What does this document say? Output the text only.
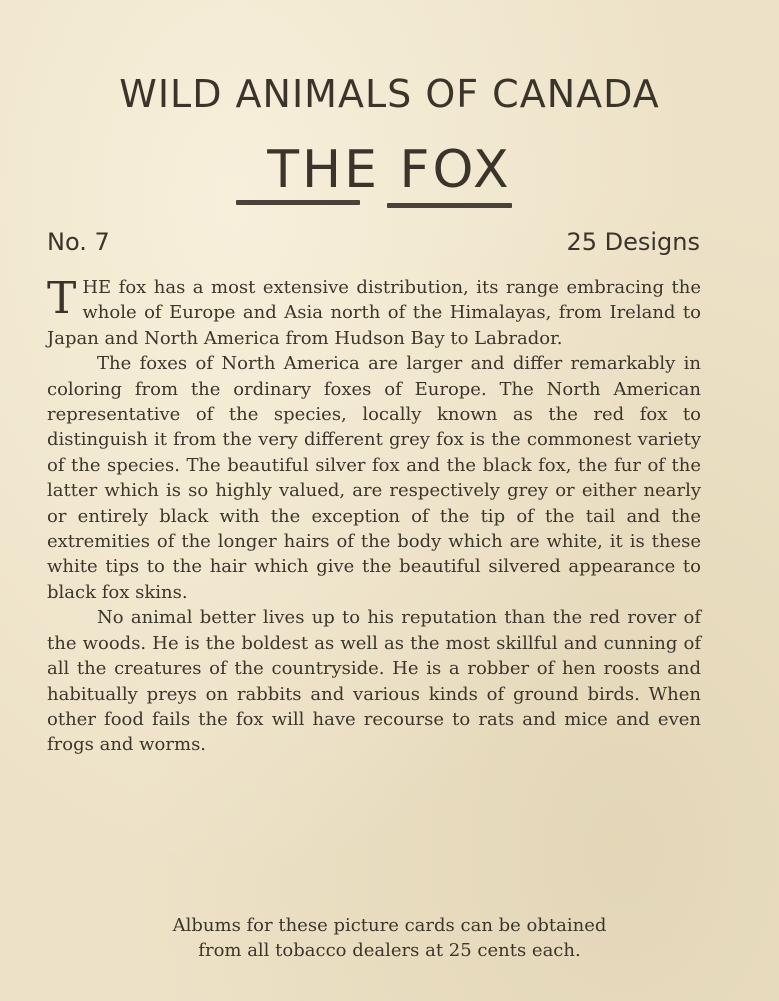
WILD ANIMALS OF CANADA
THE FOX
No. 7	25 Designs

THE fox has a most extensive distribution, its range embracing the whole of Europe and Asia north of the Himalayas, from Ireland to Japan and North America from Hudson Bay to Labrador.

The foxes of North America are larger and differ remarkably in coloring from the ordinary foxes of Europe. The North American representative of the species, locally known as the red fox to distinguish it from the very different grey fox is the commonest variety of the species. The beautiful silver fox and the black fox, the fur of the latter which is so highly valued, are respectively grey or either nearly or entirely black with the exception of the tip of the tail and the extremities of the longer hairs of the body which are white, it is these white tips to the hair which give the beautiful silvered appearance to black fox skins.

No animal better lives up to his reputation than the red rover of the woods. He is the boldest as well as the most skillful and cunning of all the creatures of the countryside. He is a robber of hen roosts and habitually preys on rabbits and various kinds of ground birds. When other food fails the fox will have recourse to rats and mice and even frogs and worms.

Albums for these picture cards can be obtained
from all tobacco dealers at 25 cents each.
